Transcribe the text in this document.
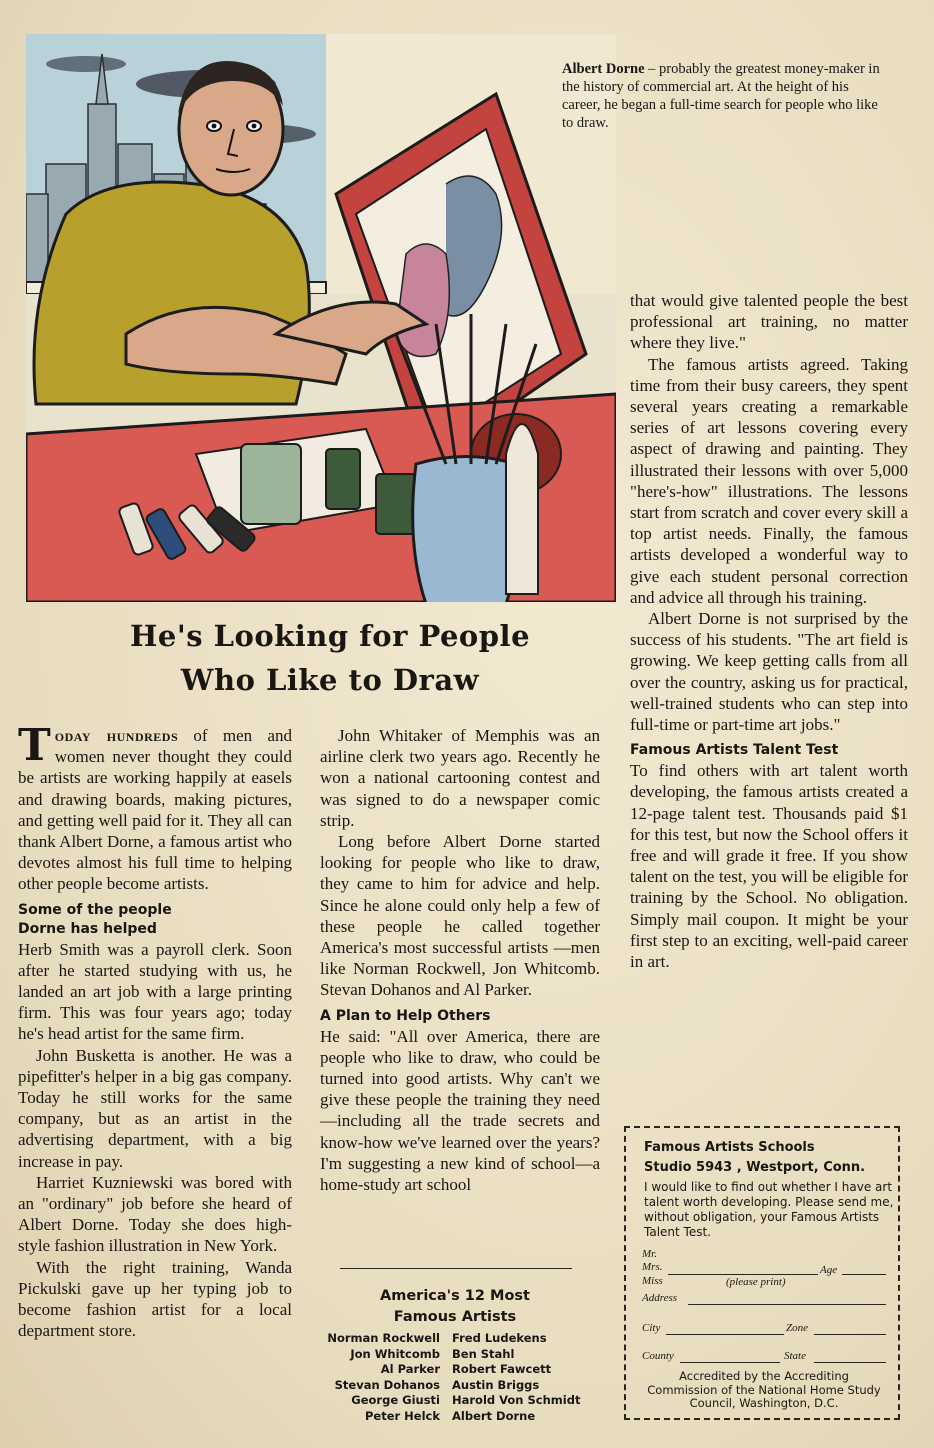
Albert Dorne – probably the greatest money-maker in the history of commercial art. At the height of his career, he began a full-time search for people who like to draw.
He's Looking for People
Who Like to Draw

Today hundreds of men and women never thought they could be artists are working happily at easels and drawing boards, making pictures, and getting well paid for it. They all can thank Albert Dorne, a famous artist who devotes almost his full time to helping other people become artists.

Some of the people
Dorne has helped

Herb Smith was a payroll clerk. Soon after he started studying with us, he landed an art job with a large printing firm. This was four years ago; today he's head artist for the same firm.

John Busketta is another. He was a pipefitter's helper in a big gas company. Today he still works for the same company, but as an artist in the advertising department, with a big increase in pay.

Harriet Kuzniewski was bored with an "ordinary" job before she heard of Albert Dorne. Today she does high-style fashion illustration in New York.

With the right training, Wanda Pickulski gave up her typing job to become fashion artist for a local department store.

John Whitaker of Memphis was an airline clerk two years ago. Recently he won a national cartooning contest and was signed to do a newspaper comic strip.

Long before Albert Dorne started looking for people who like to draw, they came to him for advice and help. Since he alone could only help a few of these people he called together America's most successful artists —men like Norman Rockwell, Jon Whitcomb. Stevan Dohanos and Al Parker.

A Plan to Help Others

He said: "All over America, there are people who like to draw, who could be turned into good artists. Why can't we give these people the training they need—including all the trade secrets and know-how we've learned over the years? I'm suggesting a new kind of school—a home-study art school

that would give talented people the best professional art training, no matter where they live."

The famous artists agreed. Taking time from their busy careers, they spent several years creating a remarkable series of art lessons covering every aspect of drawing and painting. They illustrated their lessons with over 5,000 "here's-how" illustrations. The lessons start from scratch and cover every skill a top artist needs. Finally, the famous artists developed a wonderful way to give each student personal correction and advice all through his training.

Albert Dorne is not surprised by the success of his students. "The art field is growing. We keep getting calls from all over the country, asking us for practical, well-trained students who can step into full-time or part-time art jobs."

Famous Artists Talent Test

To find others with art talent worth developing, the famous artists created a 12-page talent test. Thousands paid $1 for this test, but now the School offers it free and will grade it free. If you show talent on the test, you will be eligible for training by the School. No obligation. Simply mail coupon. It might be your first step to an exciting, well-paid career in art.

America's 12 Most
Famous Artists
Norman Rockwell	Fred Ludekens
Jon Whitcomb	Ben Stahl
Al Parker	Robert Fawcett
Stevan Dohanos	Austin Briggs
George Giusti	Harold Von Schmidt
Peter Helck	Albert Dorne
Famous Artists Schools
Studio 5943 , Westport, Conn.
I would like to find out whether I have art talent worth developing. Please send me, without obligation, your Famous Artists Talent Test.
Mr.
Mrs.	Age
Miss	(please print)
Address
City	Zone
County	State
Accredited by the Accrediting Commission of the National Home Study Council, Washington, D.C.
